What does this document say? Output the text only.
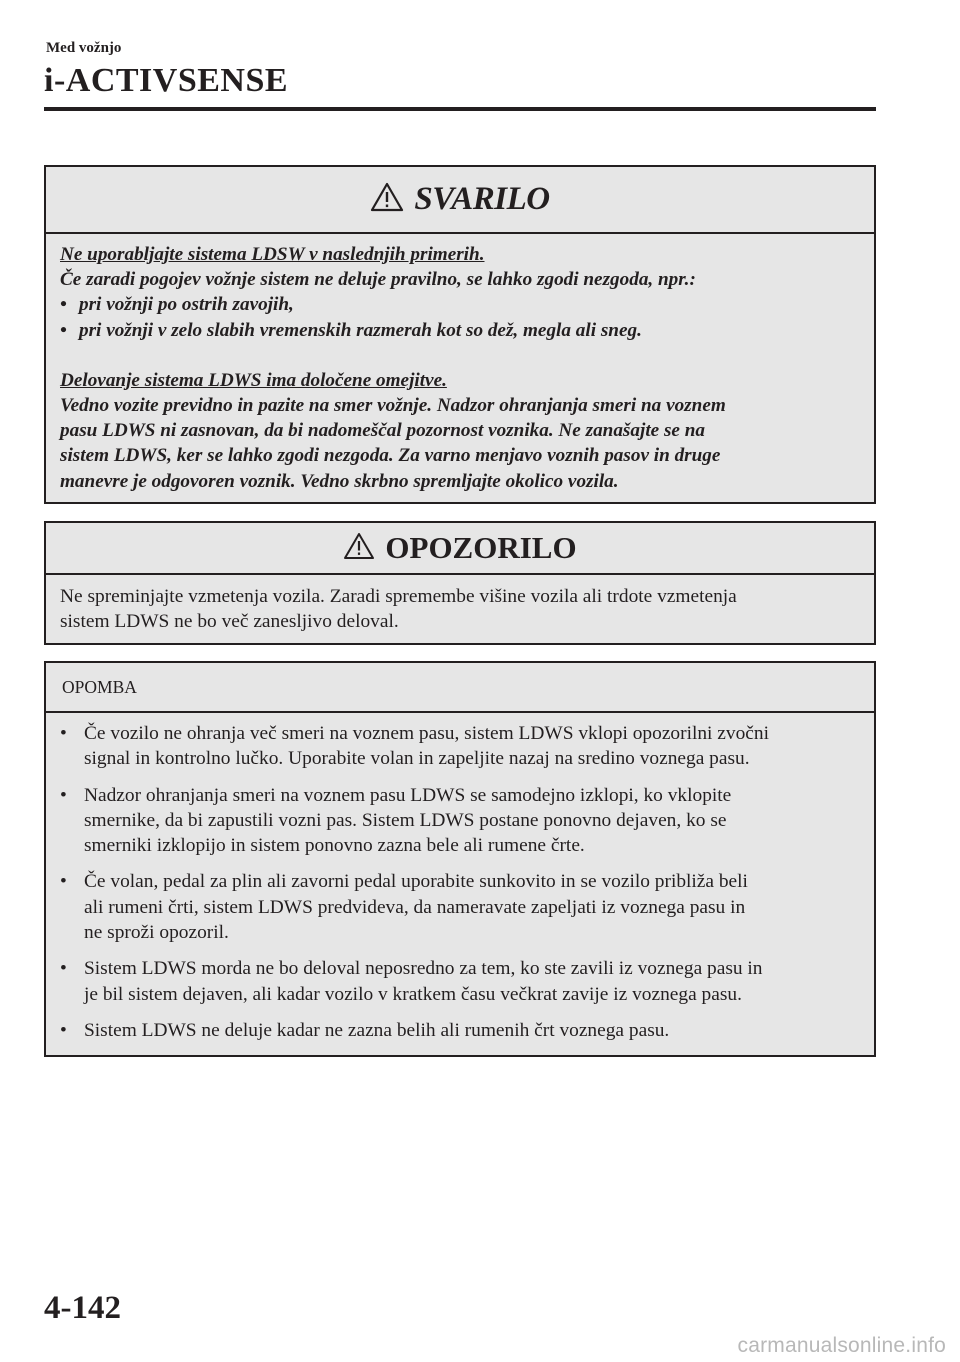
Med vožnjo
i-ACTIVSENSE
SVARILO
Ne uporabljajte sistema LDSW v naslednjih primerih.
Če zaradi pogojev vožnje sistem ne deluje pravilno, se lahko zgodi nezgoda, npr.:
• pri vožnji po ostrih zavojih,
• pri vožnji v zelo slabih vremenskih razmerah kot so dež, megla ali sneg.
Delovanje sistema LDWS ima določene omejitve.
Vedno vozite previdno in pazite na smer vožnje. Nadzor ohranjanja smeri na voznem
pasu LDWS ni zasnovan, da bi nadomeščal pozornost voznika. Ne zanašajte se na
sistem LDWS, ker se lahko zgodi nezgoda. Za varno menjavo voznih pasov in druge
manevre je odgovoren voznik. Vedno skrbno spremljajte okolico vozila.
OPOZORILO
Ne spreminjajte vzmetenja vozila. Zaradi spremembe višine vozila ali trdote vzmetenja
sistem LDWS ne bo več zanesljivo deloval.
OPOMBA
• Če vozilo ne ohranja več smeri na voznem pasu, sistem LDWS vklopi opozorilni zvočni
signal in kontrolno lučko. Uporabite volan in zapeljite nazaj na sredino voznega pasu.
• Nadzor ohranjanja smeri na voznem pasu LDWS se samodejno izklopi, ko vklopite
smernike, da bi zapustili vozni pas. Sistem LDWS postane ponovno dejaven, ko se
smerniki izklopijo in sistem ponovno zazna bele ali rumene črte.
• Če volan, pedal za plin ali zavorni pedal uporabite sunkovito in se vozilo približa beli
ali rumeni črti, sistem LDWS predvideva, da nameravate zapeljati iz voznega pasu in
ne sproži opozoril.
• Sistem LDWS morda ne bo deloval neposredno za tem, ko ste zavili iz voznega pasu in
je bil sistem dejaven, ali kadar vozilo v kratkem času večkrat zavije iz voznega pasu.
• Sistem LDWS ne deluje kadar ne zazna belih ali rumenih črt voznega pasu.
4-142
carmanualsonline.info
